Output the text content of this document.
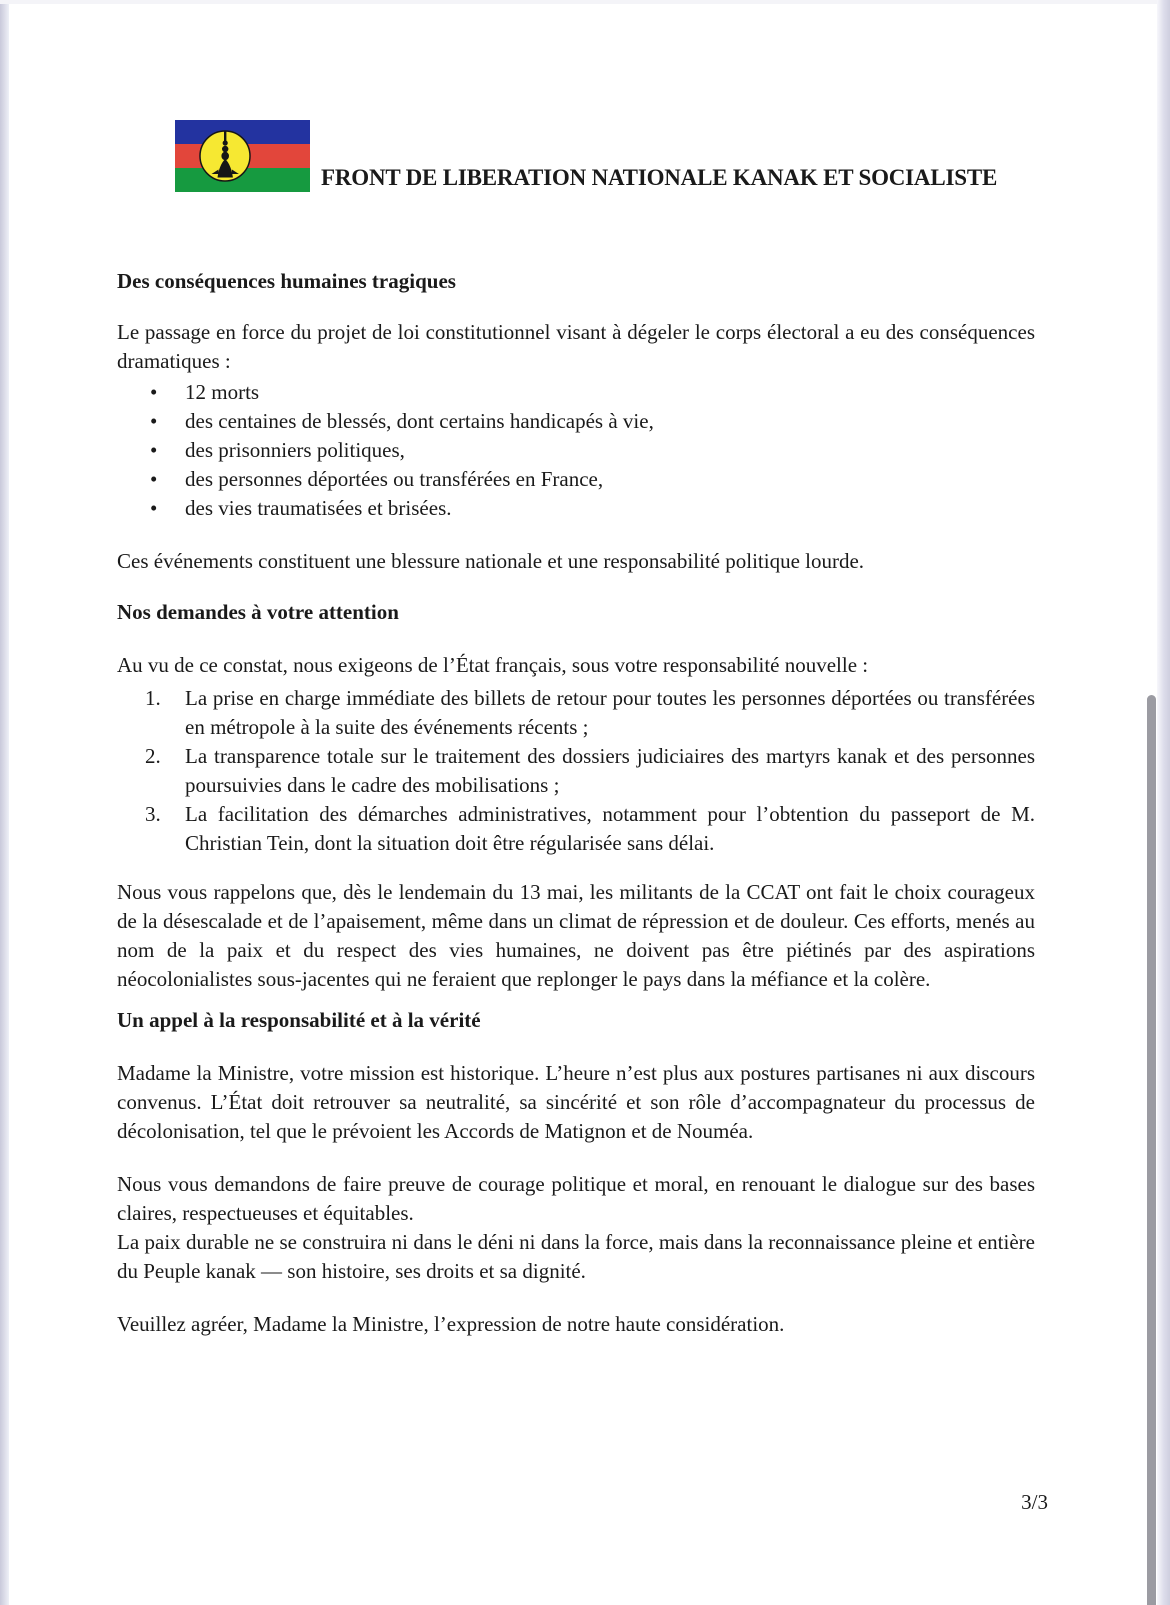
FRONT DE LIBERATION NATIONALE KANAK ET SOCIALISTE
Des conséquences humaines tragiques

Le passage en force du projet de loi constitutionnel visant à dégeler le corps électoral a eu des conséquences dramatiques :

• 12 morts
• des centaines de blessés, dont certains handicapés à vie,
• des prisonniers politiques,
• des personnes déportées ou transférées en France,
• des vies traumatisées et brisées.

Ces événements constituent une blessure nationale et une responsabilité politique lourde.

Nos demandes à votre attention

Au vu de ce constat, nous exigeons de l’État français, sous votre responsabilité nouvelle :

1. La prise en charge immédiate des billets de retour pour toutes les personnes déportées ou transférées en métropole à la suite des événements récents ;
2. La transparence totale sur le traitement des dossiers judiciaires des martyrs kanak et des personnes poursuivies dans le cadre des mobilisations ;
3. La facilitation des démarches administratives, notamment pour l’obtention du passeport de M. Christian Tein, dont la situation doit être régularisée sans délai.

Nous vous rappelons que, dès le lendemain du 13 mai, les militants de la CCAT ont fait le choix courageux de la désescalade et de l’apaisement, même dans un climat de répression et de douleur. Ces efforts, menés au nom de la paix et du respect des vies humaines, ne doivent pas être piétinés par des aspirations néocolonialistes sous-jacentes qui ne feraient que replonger le pays dans la méfiance et la colère.

Un appel à la responsabilité et à la vérité

Madame la Ministre, votre mission est historique. L’heure n’est plus aux postures partisanes ni aux discours convenus. L’État doit retrouver sa neutralité, sa sincérité et son rôle d’accompagnateur du processus de décolonisation, tel que le prévoient les Accords de Matignon et de Nouméa.

Nous vous demandons de faire preuve de courage politique et moral, en renouant le dialogue sur des bases claires, respectueuses et équitables.

La paix durable ne se construira ni dans le déni ni dans la force, mais dans la reconnaissance pleine et entière du Peuple kanak — son histoire, ses droits et sa dignité.

Veuillez agréer, Madame la Ministre, l’expression de notre haute considération.

3/3
